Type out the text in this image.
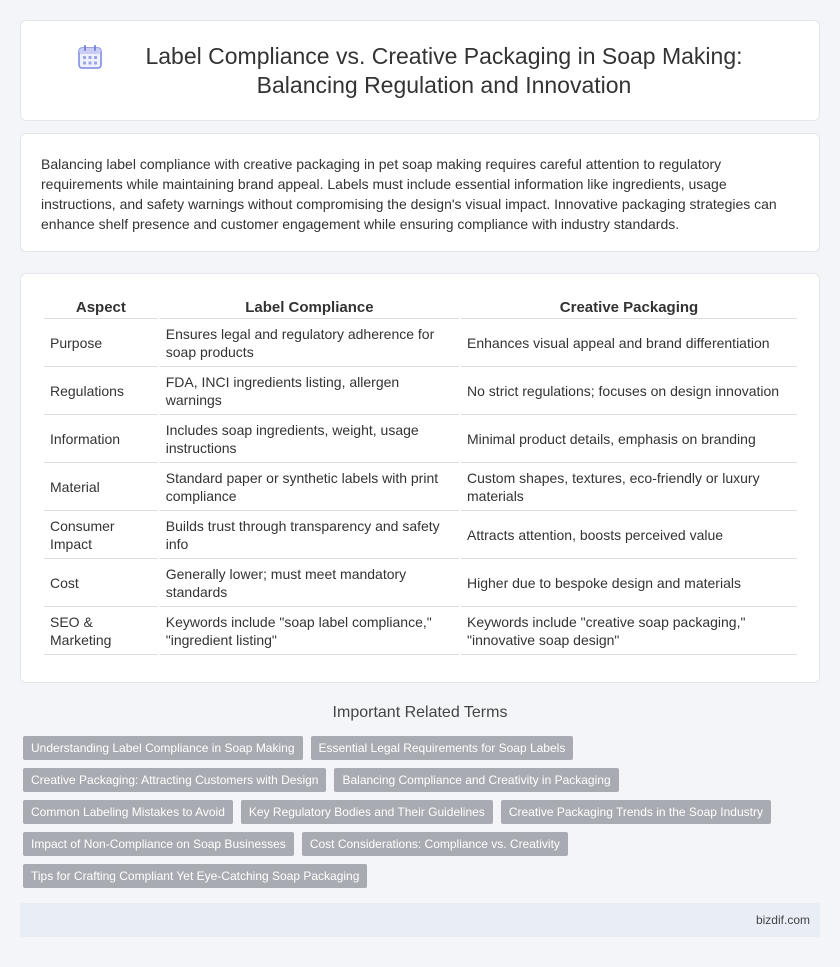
Label Compliance vs. Creative Packaging in Soap Making: Balancing Regulation and Innovation

Balancing label compliance with creative packaging in pet soap making requires careful attention to regulatory requirements while maintaining brand appeal. Labels must include essential information like ingredients, usage instructions, and safety warnings without compromising the design's visual impact. Innovative packaging strategies can enhance shelf presence and customer engagement while ensuring compliance with industry standards.

Aspect	Label Compliance	Creative Packaging
Purpose	Ensures legal and regulatory adherence for soap products	Enhances visual appeal and brand differentiation
Regulations	FDA, INCI ingredients listing, allergen warnings	No strict regulations; focuses on design innovation
Information	Includes soap ingredients, weight, usage instructions	Minimal product details, emphasis on branding
Material	Standard paper or synthetic labels with print compliance	Custom shapes, textures, eco-friendly or luxury materials
Consumer Impact	Builds trust through transparency and safety info	Attracts attention, boosts perceived value
Cost	Generally lower; must meet mandatory standards	Higher due to bespoke design and materials
SEO & Marketing	Keywords include "soap label compliance," "ingredient listing"	Keywords include "creative soap packaging," "innovative soap design"
Important Related Terms
Understanding Label Compliance in Soap Making	Essential Legal Requirements for Soap Labels
Creative Packaging: Attracting Customers with Design	Balancing Compliance and Creativity in Packaging
Common Labeling Mistakes to Avoid	Key Regulatory Bodies and Their Guidelines	Creative Packaging Trends in the Soap Industry
Impact of Non-Compliance on Soap Businesses	Cost Considerations: Compliance vs. Creativity
Tips for Crafting Compliant Yet Eye-Catching Soap Packaging
bizdif.com
